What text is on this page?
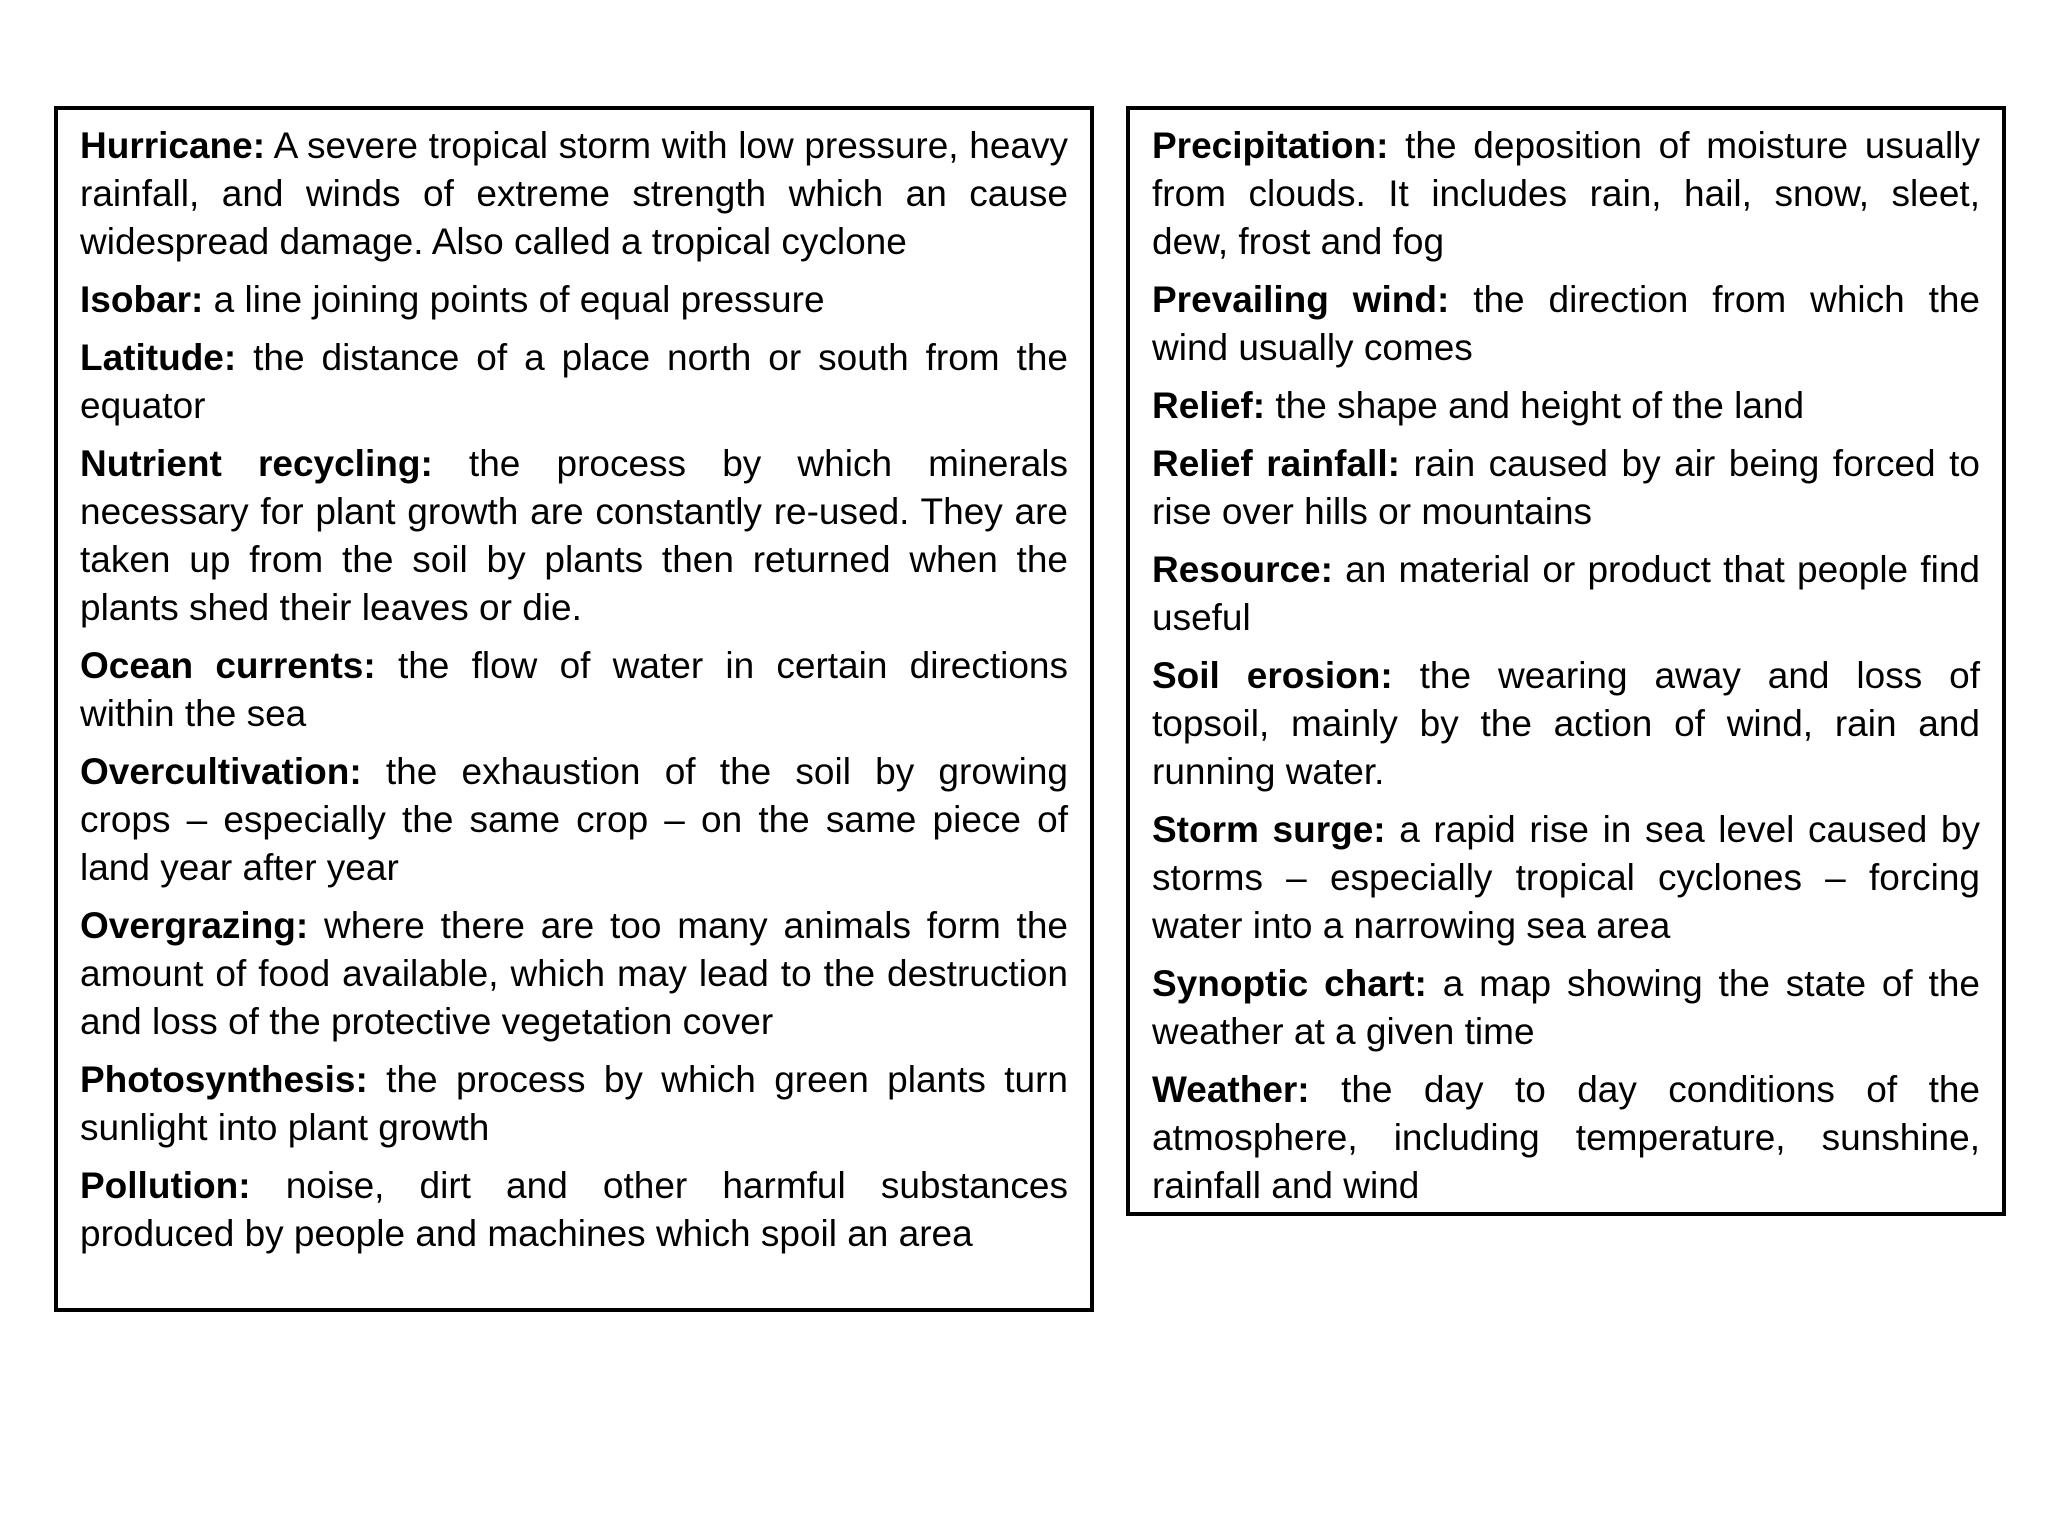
Hurricane: A severe tropical storm with low pressure, heavy rainfall, and winds of extreme strength which an cause widespread damage. Also called a tropical cyclone

Isobar: a line joining points of equal pressure

Latitude: the distance of a place north or south from the equator

Nutrient recycling: the process by which minerals necessary for plant growth are constantly re-used. They are taken up from the soil by plants then returned when the plants shed their leaves or die.

Ocean currents: the flow of water in certain directions within the sea

Overcultivation: the exhaustion of the soil by growing crops – especially the same crop – on the same piece of land year after year

Overgrazing: where there are too many animals form the amount of food available, which may lead to the destruction and loss of the protective vegetation cover

Photosynthesis: the process by which green plants turn sunlight into plant growth

Pollution: noise, dirt and other harmful substances produced by people and machines which spoil an area

Precipitation: the deposition of moisture usually from clouds. It includes rain, hail, snow, sleet, dew, frost and fog

Prevailing wind: the direction from which the wind usually comes

Relief: the shape and height of the land

Relief rainfall: rain caused by air being forced to rise over hills or mountains

Resource: an material or product that people find useful

Soil erosion: the wearing away and loss of topsoil, mainly by the action of wind, rain and running water.

Storm surge: a rapid rise in sea level caused by storms – especially tropical cyclones – forcing water into a narrowing sea area

Synoptic chart: a map showing the state of the weather at a given time

Weather: the day to day conditions of the atmosphere, including temperature, sunshine, rainfall and wind
